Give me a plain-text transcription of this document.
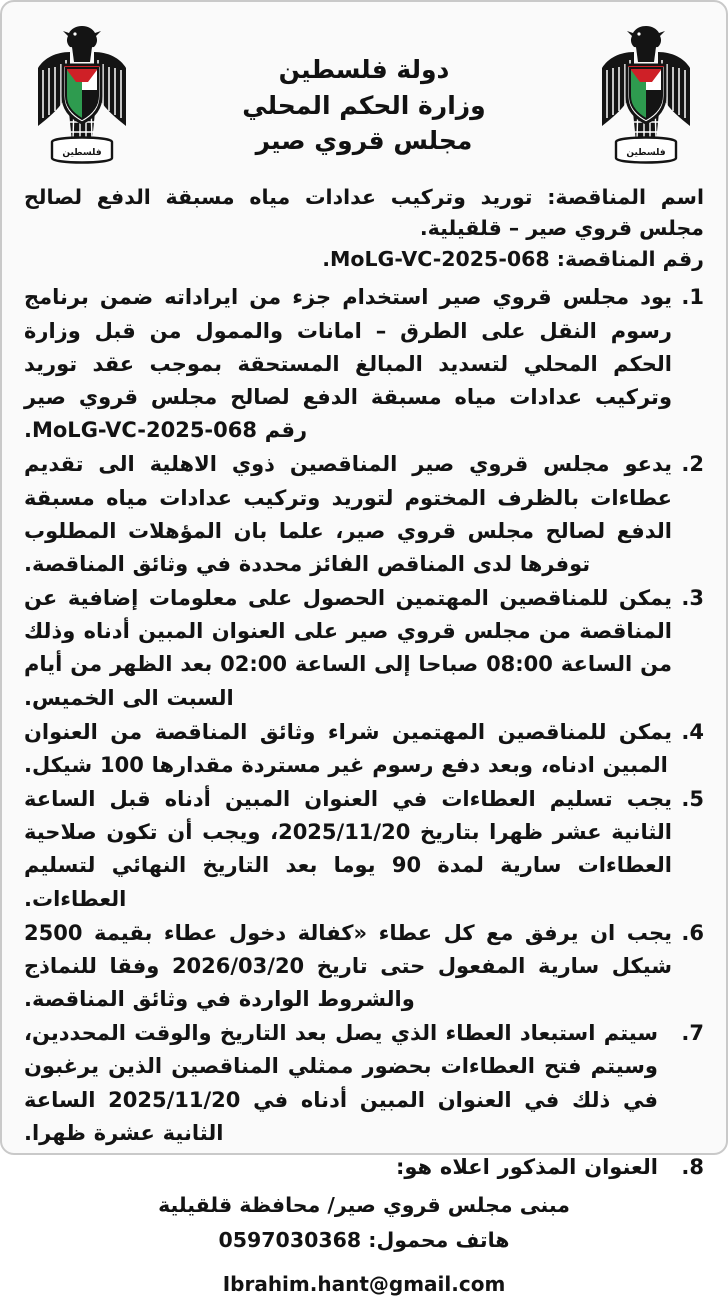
فلسطين
دولة فلسطين
وزارة الحكم المحلي
مجلس قروي صير	فلسطين
اسم المناقصة: توريد وتركيب عدادات مياه مسبقة الدفع لصالح مجلس قروي صير – قلقيلية.
رقم المناقصة: MoLG-VC-2025-068.
1.
يود مجلس قروي صير استخدام جزء من ايراداته ضمن برنامج رسوم النقل على الطرق – امانات والممول من قبل وزارة الحكم المحلي لتسديد المبالغ المستحقة بموجب عقد توريد وتركيب عدادات مياه مسبقة الدفع لصالح مجلس قروي صير رقم MoLG-VC-2025-068.
2.
يدعو مجلس قروي صير المناقصين ذوي الاهلية الى تقديم عطاءات بالظرف المختوم لتوريد وتركيب عدادات مياه مسبقة الدفع لصالح مجلس قروي صير، علما بان المؤهلات المطلوب توفرها لدى المناقص الفائز محددة في وثائق المناقصة.
3.
يمكن للمناقصين المهتمين الحصول على معلومات إضافية عن المناقصة من مجلس قروي صير على العنوان المبين أدناه وذلك من الساعة 08:00 صباحا إلى الساعة 02:00 بعد الظهر من أيام السبت الى الخميس.
4.
يمكن للمناقصين المهتمين شراء وثائق المناقصة من العنوان المبين ادناه، وبعد دفع رسوم غير مستردة مقدارها 100 شيكل.
5.
يجب تسليم العطاءات في العنوان المبين أدناه قبل الساعة الثانية عشر ظهرا بتاريخ 2025/11/20، ويجب أن تكون صلاحية العطاءات سارية لمدة 90 يوما بعد التاريخ النهائي لتسليم العطاءات.
6.
يجب ان يرفق مع كل عطاء «كفالة دخول عطاء بقيمة 2500 شيكل سارية المفعول حتى تاريخ 2026/03/20 وفقا للنماذج والشروط الواردة في وثائق المناقصة.
7.
سيتم استبعاد العطاء الذي يصل بعد التاريخ والوقت المحددين، وسيتم فتح العطاءات بحضور ممثلي المناقصين الذين يرغبون في ذلك في العنوان المبين أدناه في 2025/11/20 الساعة الثانية عشرة ظهرا.
8.
العنوان المذكور اعلاه هو:
مبنى مجلس قروي صير/ محافظة قلقيلية
هاتف محمول: 0597030368
Ibrahim.hant@gmail.com
